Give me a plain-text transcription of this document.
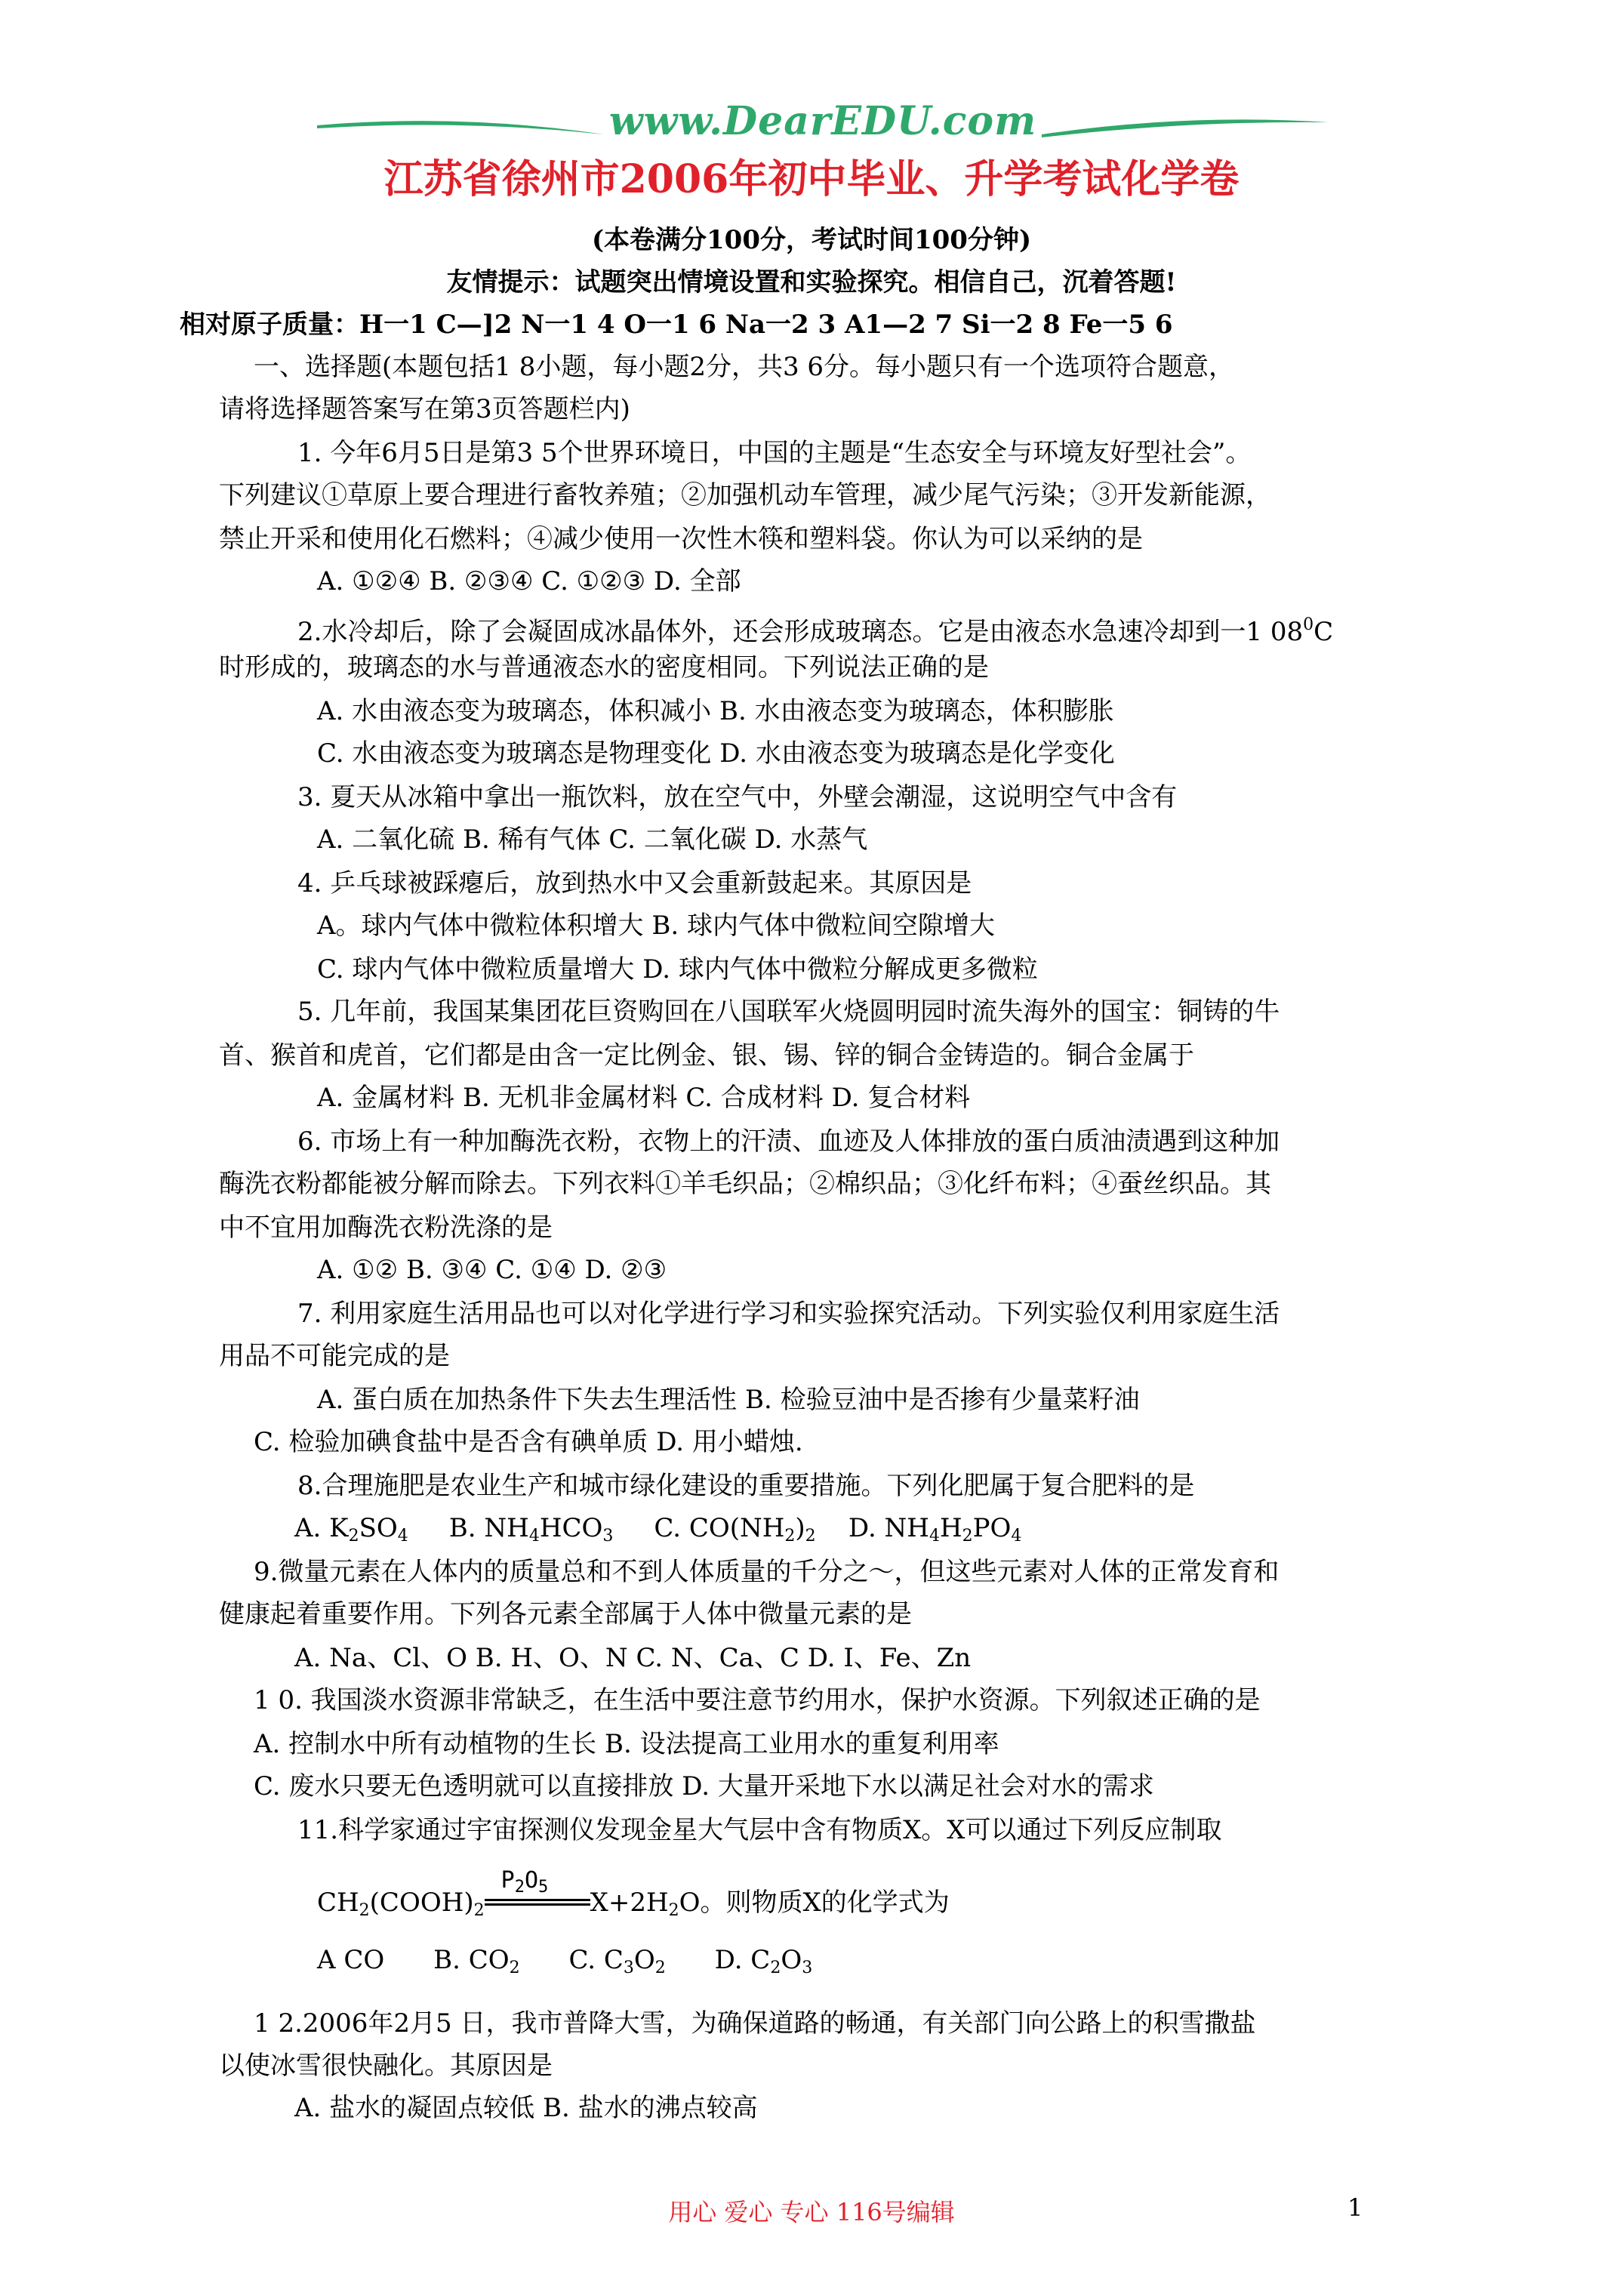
www.DearEDU.com
江苏省徐州市2006年初中毕业、升学考试化学卷
(本卷满分100分，考试时间100分钟)
友情提示：试题突出情境设置和实验探究。相信自己，沉着答题!
相对原子质量：H一1 C—]2 N一1 4 O一1 6 Na一2 3 A1—2 7 Si一2 8 Fe一5 6
一、选择题(本题包括1 8小题，每小题2分，共3 6分。每小题只有一个选项符合题意，
请将选择题答案写在第3页答题栏内)
1. 今年6月5日是第3 5个世界环境日，中国的主题是“生态安全与环境友好型社会”。
下列建议①草原上要合理进行畜牧养殖；②加强机动车管理，减少尾气污染；③开发新能源，
禁止开采和使用化石燃料；④减少使用一次性木筷和塑料袋。你认为可以采纳的是
A. ①②④ B. ②③④ C. ①②③ D. 全部
2.水冷却后，除了会凝固成冰晶体外，还会形成玻璃态。它是由液态水急速冷却到一1 $08^0C$
时形成的，玻璃态的水与普通液态水的密度相同。下列说法正确的是
A. 水由液态变为玻璃态，体积减小 B. 水由液态变为玻璃态，体积膨胀
C. 水由液态变为玻璃态是物理变化 D. 水由液态变为玻璃态是化学变化
3. 夏天从冰箱中拿出一瓶饮料，放在空气中，外壁会潮湿，这说明空气中含有
A. 二氧化硫 B. 稀有气体 C. 二氧化碳 D. 水蒸气
4. 乒乓球被踩瘪后，放到热水中又会重新鼓起来。其原因是
A。球内气体中微粒体积增大 B. 球内气体中微粒间空隙增大
C. 球内气体中微粒质量增大 D. 球内气体中微粒分解成更多微粒
5. 几年前，我国某集团花巨资购回在八国联军火烧圆明园时流失海外的国宝：铜铸的牛
首、猴首和虎首，它们都是由含一定比例金、银、锡、锌的铜合金铸造的。铜合金属于
A. 金属材料 B. 无机非金属材料 C. 合成材料 D. 复合材料
6. 市场上有一种加酶洗衣粉，衣物上的汗渍、血迹及人体排放的蛋白质油渍遇到这种加
酶洗衣粉都能被分解而除去。下列衣料①羊毛织品；②棉织品；③化纤布料；④蚕丝织品。其
中不宜用加酶洗衣粉洗涤的是
A. ①② B. ③④ C. ①④ D. ②③
7. 利用家庭生活用品也可以对化学进行学习和实验探究活动。下列实验仅利用家庭生活
用品不可能完成的是
A. 蛋白质在加热条件下失去生理活性 B. 检验豆油中是否掺有少量菜籽油
C. 检验加碘食盐中是否含有碘单质 D. 用小蜡烛.
8.合理施肥是农业生产和城市绿化建设的重要措施。下列化肥属于复合肥料的是
A. $K_2SO_4$ B. $NH_4HCO_3$ C. $CO(NH_2)_2$ D. $NH_4H_2PO_4$
9.微量元素在人体内的质量总和不到人体质量的千分之～，但这些元素对人体的正常发育和
健康起着重要作用。下列各元素全部属于人体中微量元素的是
A. Na、Cl、O B. H、O、N C. N、Ca、C D. I、Fe、Zn
1 0. 我国淡水资源非常缺乏，在生活中要注意节约用水，保护水资源。下列叙述正确的是
A. 控制水中所有动植物的生长 B. 设法提高工业用水的重复利用率
C. 废水只要无色透明就可以直接排放 D. 大量开采地下水以满足社会对水的需求
11.科学家通过宇宙探测仪发现金星大气层中含有物质X。X可以通过下列反应制取
$CH_2(COOH)_2$
$P_2O_5$
$X+2H_2O$。则物质X的化学式为
A CO B. $CO_2$ C. $C_3O_2$ D. $C_2O_3$
1 2.2006年2月5 日，我市普降大雪，为确保道路的畅通，有关部门向公路上的积雪撒盐
以使冰雪很快融化。其原因是
A. 盐水的凝固点较低 B. 盐水的沸点较高
用心 爱心 专心 116号编辑	1
